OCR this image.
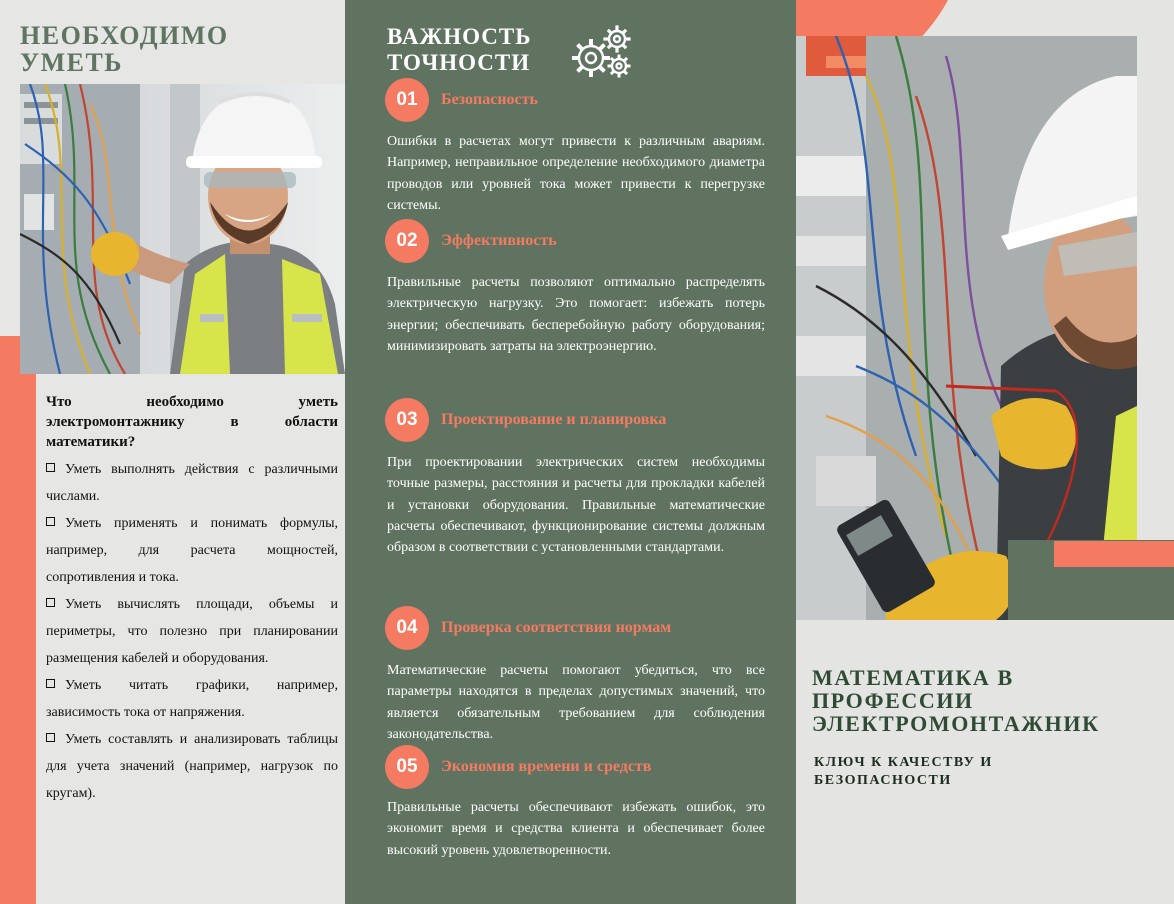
НЕОБХОДИМО
УМЕТЬ

Что необходимо уметь электромонтажнику в области математики?

Уметь выполнять действия с различными числами.
Уметь применять и понимать формулы, например, для расчета мощностей, сопротивления и тока.
Уметь вычислять площади, объемы и периметры, что полезно при планировании размещения кабелей и оборудования.
Уметь читать графики, например, зависимость тока от напряжения.
Уметь составлять и анализировать таблицы для учета значений (например, нагрузок по кругам).
ВАЖНОСТЬ
ТОЧНОСТИ
01	Безопасность
Ошибки в расчетах могут привести к различным авариям. Например, неправильное определение необходимого диаметра проводов или уровней тока может привести к перегрузке системы.
02	Эффективность
Правильные расчеты позволяют оптимально распределять электрическую нагрузку. Это помогает: избежать потерь энергии; обеспечивать бесперебойную работу оборудования; минимизировать затраты на электроэнергию.
03	Проектирование и планировка
При проектировании электрических систем необходимы точные размеры, расстояния и расчеты для прокладки кабелей и установки оборудования. Правильные математические расчеты обеспечивают, функционирование системы должным образом в соответствии с установленными стандартами.
04	Проверка соответствия нормам
Математические расчеты помогают убедиться, что все параметры находятся в пределах допустимых значений, что является обязательным требованием для соблюдения законодательства.
05	Экономия времени и средств
Правильные расчеты обеспечивают избежать ошибок, это экономит время и средства клиента и обеспечивает более высокий уровень удовлетворенности.
МАТЕМАТИКА В
ПРОФЕССИИ
ЭЛЕКТРОМОНТАЖНИК
КЛЮЧ К КАЧЕСТВУ И
БЕЗОПАСНОСТИ
